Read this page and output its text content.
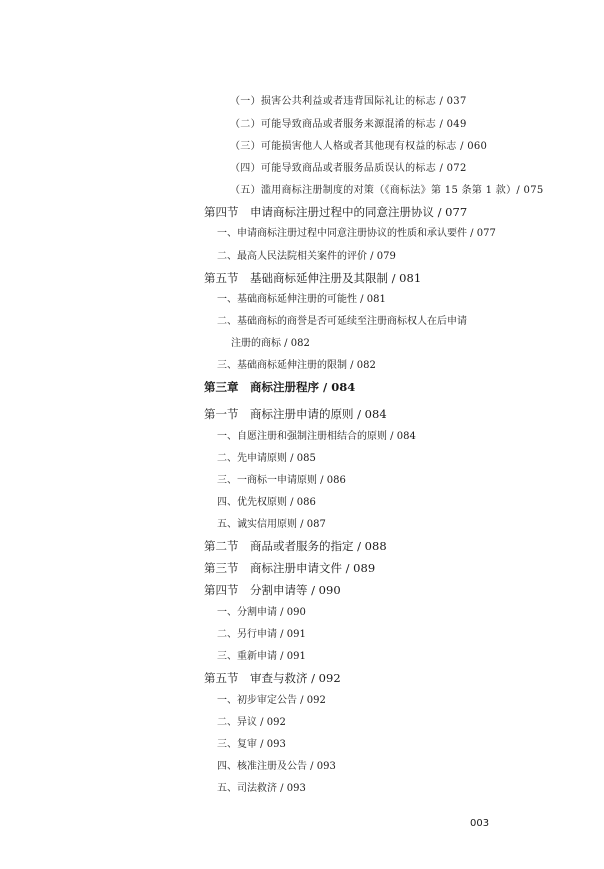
（一）损害公共利益或者违背国际礼让的标志 / 037
（二）可能导致商品或者服务来源混淆的标志 / 049
（三）可能损害他人人格或者其他现有权益的标志 / 060
（四）可能导致商品或者服务品质误认的标志 / 072
（五）滥用商标注册制度的对策（《商标法》第 15 条第 1 款）/ 075
第四节　申请商标注册过程中的同意注册协议 / 077
一、申请商标注册过程中同意注册协议的性质和承认要件 / 077
二、最高人民法院相关案件的评价 / 079
第五节　基础商标延伸注册及其限制 / 081
一、基础商标延伸注册的可能性 / 081
二、基础商标的商誉是否可延续至注册商标权人在后申请
注册的商标 / 082
三、基础商标延伸注册的限制 / 082
第三章　商标注册程序 / 084
第一节　商标注册申请的原则 / 084
一、自愿注册和强制注册相结合的原则 / 084
二、先申请原则 / 085
三、一商标一申请原则 / 086
四、优先权原则 / 086
五、诚实信用原则 / 087
第二节　商品或者服务的指定 / 088
第三节　商标注册申请文件 / 089
第四节　分割申请等 / 090
一、分割申请 / 090
二、另行申请 / 091
三、重新申请 / 091
第五节　审查与救济 / 092
一、初步审定公告 / 092
二、异议 / 092
三、复审 / 093
四、核准注册及公告 / 093
五、司法救济 / 093
003
